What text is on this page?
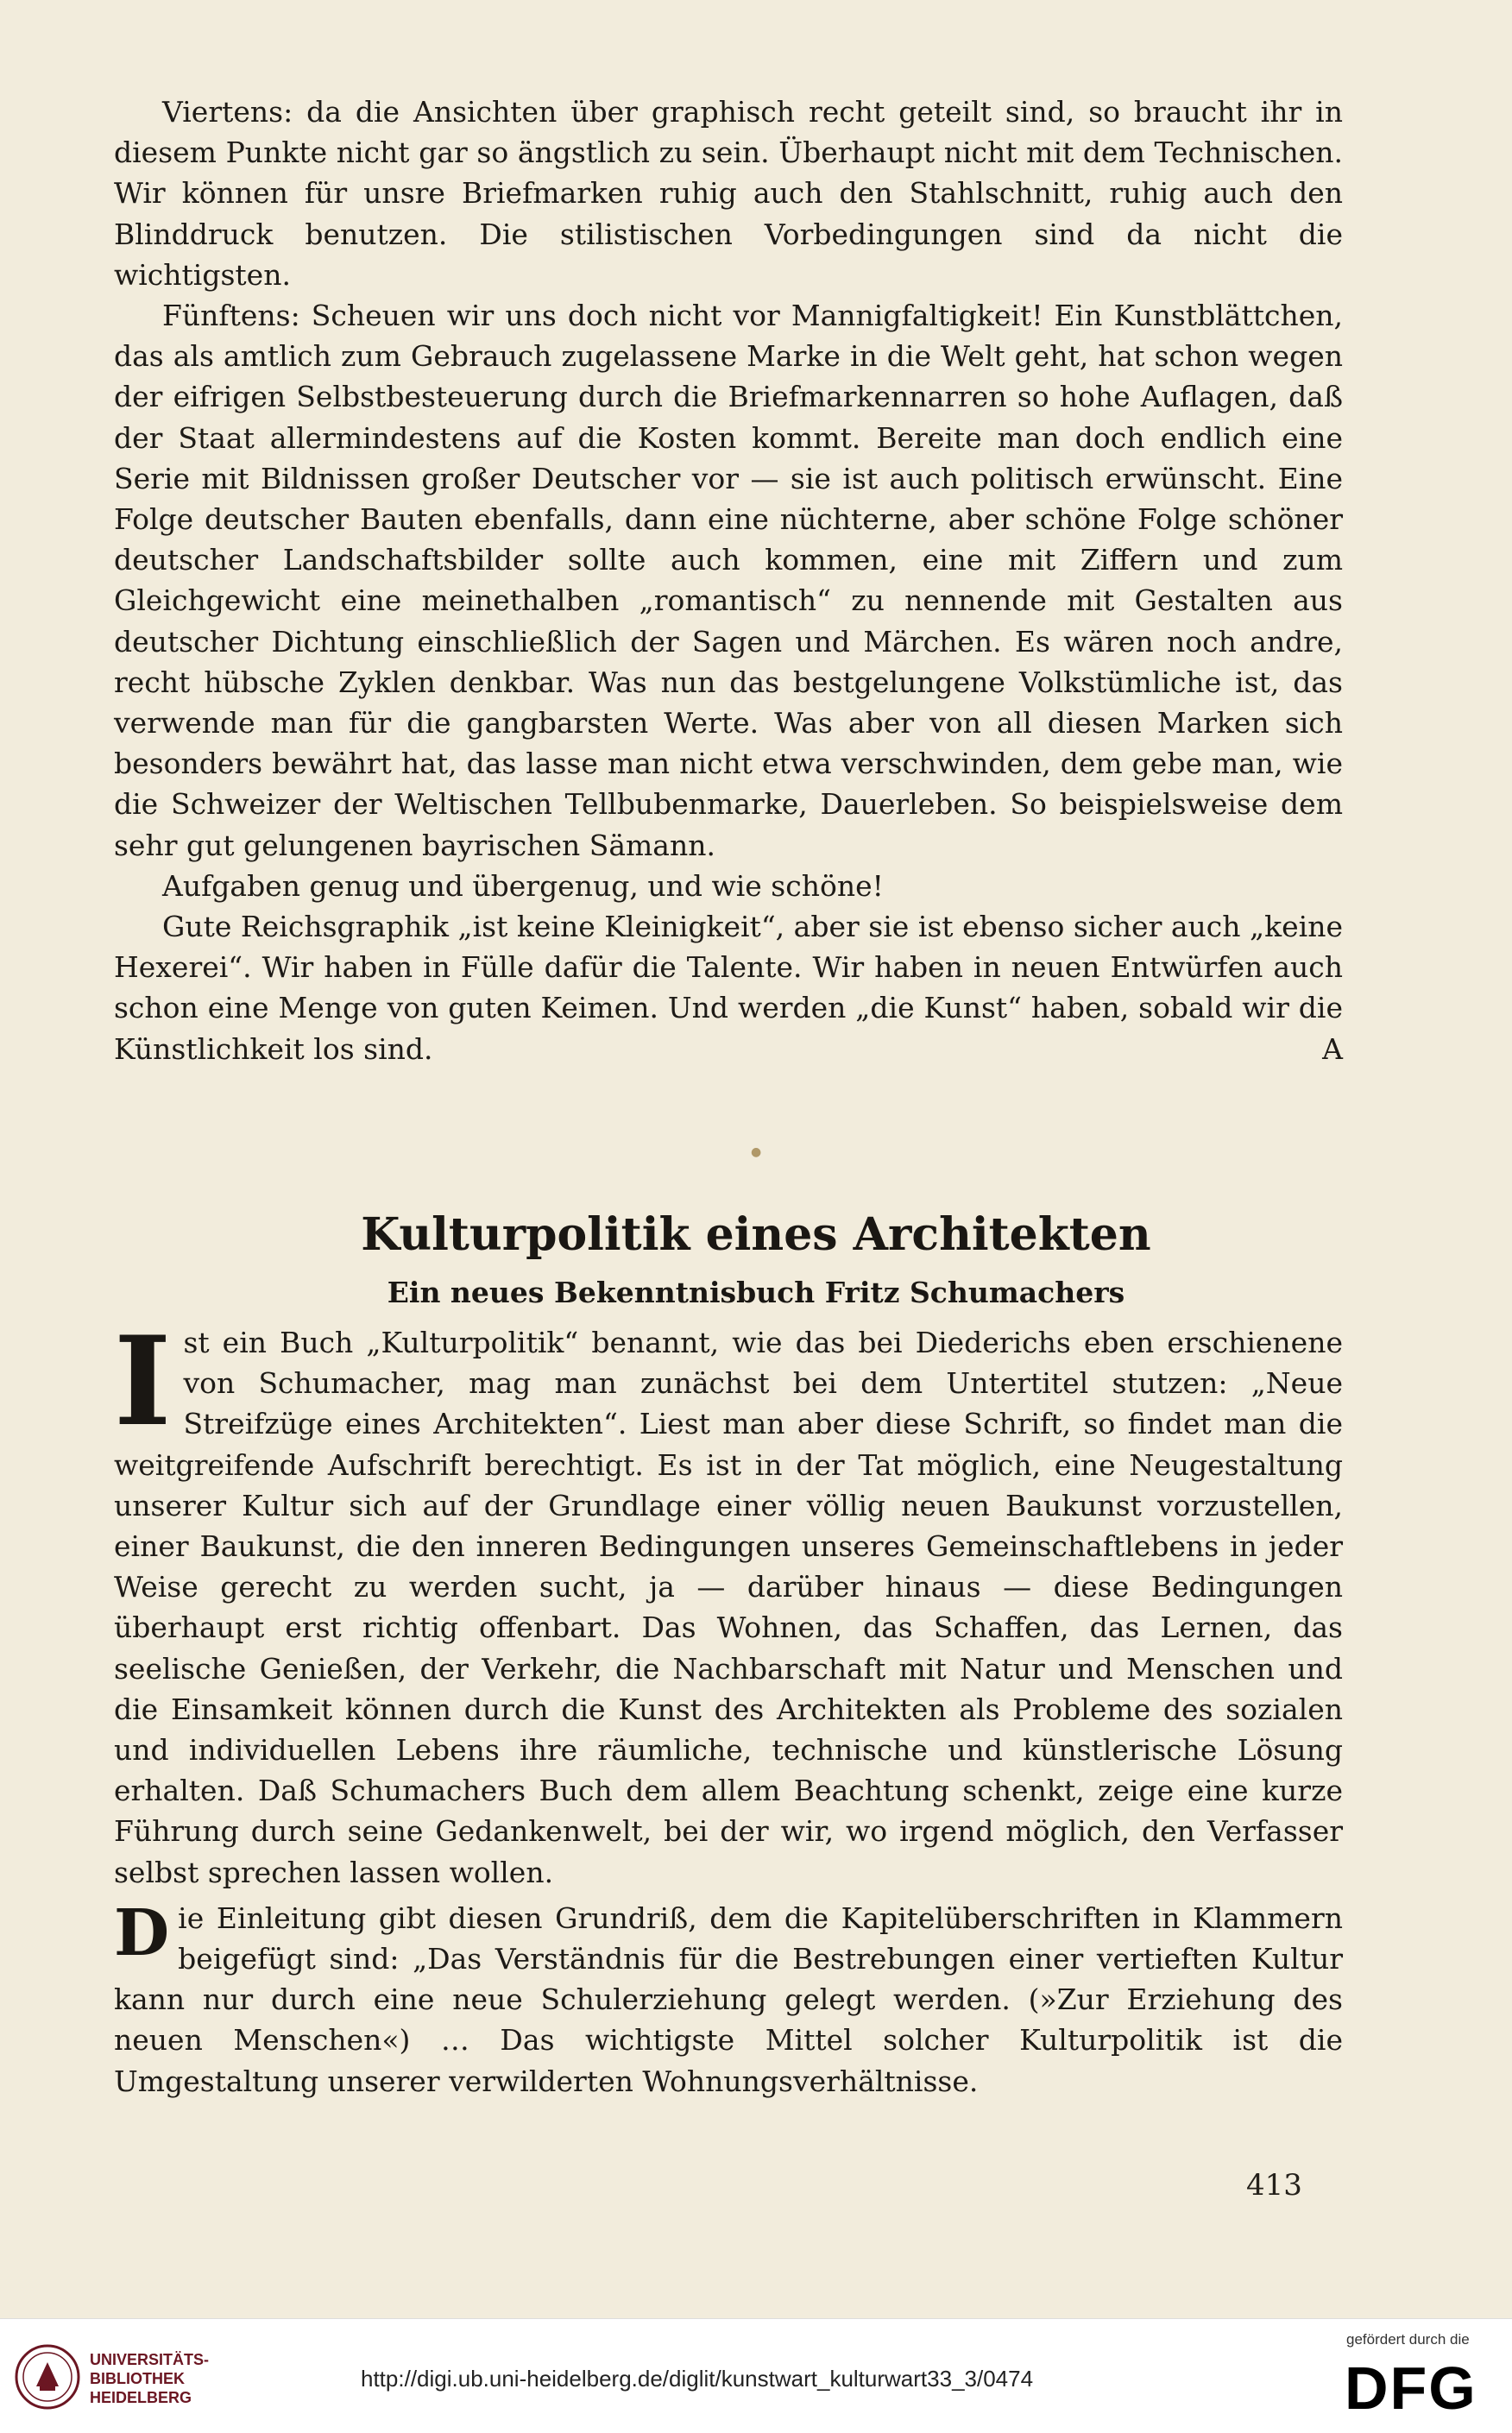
Viertens: da die Ansichten über graphisch recht geteilt sind, so braucht ihr in diesem Punkte nicht gar so ängstlich zu sein. Überhaupt nicht mit dem Technischen. Wir können für unsre Briefmarken ruhig auch den Stahlschnitt, ruhig auch den Blinddruck benutzen. Die stilistischen Vorbedingungen sind da nicht die wichtigsten.

Fünftens: Scheuen wir uns doch nicht vor Mannigfaltigkeit! Ein Kunstblättchen, das als amtlich zum Gebrauch zugelassene Marke in die Welt geht, hat schon wegen der eifrigen Selbstbesteuerung durch die Briefmarkennarren so hohe Auflagen, daß der Staat allermindestens auf die Kosten kommt. Bereite man doch endlich eine Serie mit Bildnissen großer Deutscher vor — sie ist auch politisch erwünscht. Eine Folge deutscher Bauten ebenfalls, dann eine nüchterne, aber schöne Folge schöner deutscher Landschaftsbilder sollte auch kommen, eine mit Ziffern und zum Gleichgewicht eine meinethalben „romantisch“ zu nennende mit Gestalten aus deutscher Dichtung einschließlich der Sagen und Märchen. Es wären noch andre, recht hübsche Zyklen denkbar. Was nun das bestgelungene Volkstümliche ist, das verwende man für die gangbarsten Werte. Was aber von all diesen Marken sich besonders bewährt hat, das lasse man nicht etwa verschwinden, dem gebe man, wie die Schweizer der Weltischen Tellbubenmarke, Dauerleben. So beispielsweise dem sehr gut gelungenen bayrischen Sämann.

Aufgaben genug und übergenug, und wie schöne!

Gute Reichsgraphik „ist keine Kleinigkeit“, aber sie ist ebenso sicher auch „keine Hexerei“. Wir haben in Fülle dafür die Talente. Wir haben in neuen Entwürfen auch schon eine Menge von guten Keimen. Und werden „die Kunst“ haben, sobald wir die Künstlichkeit los sind.	A

●
Kulturpolitik eines Architekten
Ein neues Bekenntnisbuch Fritz Schumachers

Ist ein Buch „Kulturpolitik“ benannt, wie das bei Diederichs eben erschienene von Schumacher, mag man zunächst bei dem Untertitel stutzen: „Neue Streifzüge eines Architekten“. Liest man aber diese Schrift, so findet man die weitgreifende Aufschrift berechtigt. Es ist in der Tat möglich, eine Neugestaltung unserer Kultur sich auf der Grundlage einer völlig neuen Baukunst vorzustellen, einer Baukunst, die den inneren Bedingungen unseres Gemeinschaftlebens in jeder Weise gerecht zu werden sucht, ja — darüber hinaus — diese Bedingungen überhaupt erst richtig offenbart. Das Wohnen, das Schaffen, das Lernen, das seelische Genießen, der Verkehr, die Nachbarschaft mit Natur und Menschen und die Einsamkeit können durch die Kunst des Architekten als Probleme des sozialen und individuellen Lebens ihre räumliche, technische und künstlerische Lösung erhalten. Daß Schumachers Buch dem allem Beachtung schenkt, zeige eine kurze Führung durch seine Gedankenwelt, bei der wir, wo irgend möglich, den Verfasser selbst sprechen lassen wollen.

Die Einleitung gibt diesen Grundriß, dem die Kapitelüberschriften in Klammern beigefügt sind: „Das Verständnis für die Bestrebungen einer vertieften Kultur kann nur durch eine neue Schulerziehung gelegt werden. (»Zur Erziehung des neuen Menschen«) … Das wichtigste Mittel solcher Kulturpolitik ist die Umgestaltung unserer verwilderten Wohnungsverhältnisse.

413
UNIVERSITÄTS-
BIBLIOTHEK
HEIDELBERG
http://digi.ub.uni-heidelberg.de/diglit/kunstwart_kulturwart33_3/0474
gefördert durch die
DFG
